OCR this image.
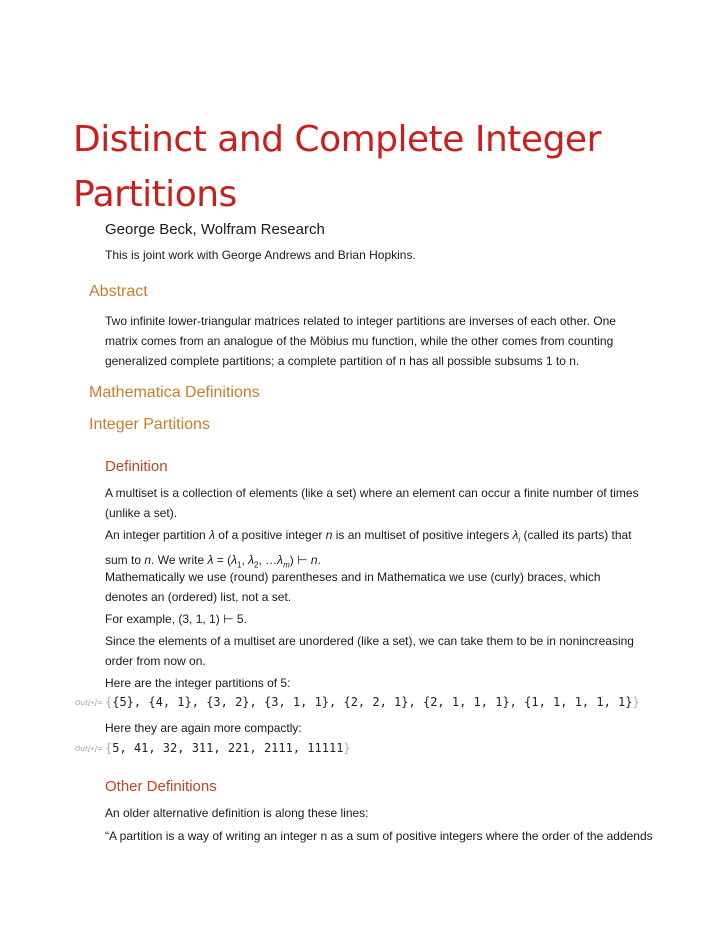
Distinct and Complete Integer Partitions
George Beck, Wolfram Research

This is joint work with George Andrews and Brian Hopkins.

Abstract

Two infinite lower-triangular matrices related to integer partitions are inverses of each other. One matrix comes from an analogue of the Möbius mu function, while the other comes from counting generalized complete partitions; a complete partition of n has all possible subsums 1 to n.

Mathematica Definitions
Integer Partitions
Definition

A multiset is a collection of elements (like a set) where an element can occur a finite number of times (unlike a set).

An integer partition λ of a positive integer n is an multiset of positive integers $\lambda_i$ (called its parts) that sum to n. We write $\lambda = (\lambda_1$, $\lambda_2$, $\dots\lambda_m$) ⊢ n.

Mathematically we use (round) parentheses and in Mathematica we use (curly) braces, which denotes an (ordered) list, not a set.

For example, (3, 1, 1) ⊢ 5.

Since the elements of a multiset are unordered (like a set), we can take them to be in nonincreasing order from now on.

Here are the integer partitions of 5:

Out[•]= {{5}, {4, 1}, {3, 2}, {3, 1, 1}, {2, 2, 1}, {2, 1, 1, 1}, {1, 1, 1, 1, 1}}

Here they are again more compactly:

Out[•]= {5, 41, 32, 311, 221, 2111, 11111}
Other Definitions

An older alternative definition is along these lines:

“A partition is a way of writing an integer n as a sum of positive integers where the order of the addends
